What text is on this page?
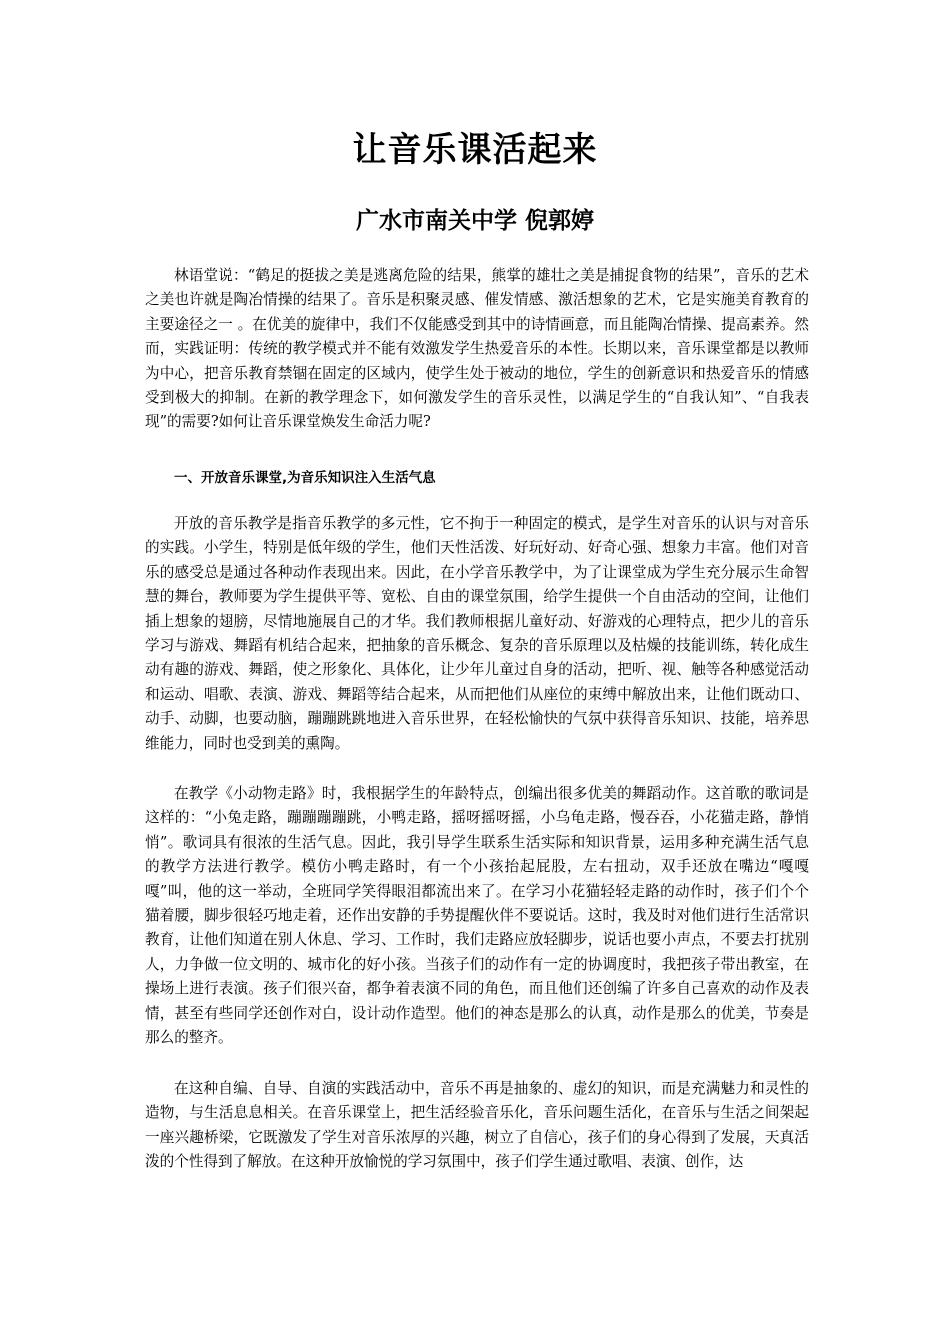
让音乐课活起来
广水市南关中学 倪郭婷

林语堂说：“鹤足的挺拔之美是逃离危险的结果，熊掌的雄壮之美是捕捉食物的结果”，音乐的艺术之美也许就是陶冶情操的结果了。音乐是积聚灵感、催发情感、激活想象的艺术，它是实施美育教育的主要途径之一 。在优美的旋律中，我们不仅能感受到其中的诗情画意，而且能陶冶情操、提高素养。然而，实践证明：传统的教学模式并不能有效激发学生热爱音乐的本性。长期以来，音乐课堂都是以教师为中心，把音乐教育禁锢在固定的区域内，使学生处于被动的地位，学生的创新意识和热爱音乐的情感受到极大的抑制。在新的教学理念下，如何激发学生的音乐灵性，以满足学生的“自我认知”、“自我表现”的需要?如何让音乐课堂焕发生命活力呢?

一、开放音乐课堂,为音乐知识注入生活气息

开放的音乐教学是指音乐教学的多元性，它不拘于一种固定的模式，是学生对音乐的认识与对音乐的实践。小学生，特别是低年级的学生，他们天性活泼、好玩好动、好奇心强、想象力丰富。他们对音乐的感受总是通过各种动作表现出来。因此，在小学音乐教学中，为了让课堂成为学生充分展示生命智慧的舞台，教师要为学生提供平等、宽松、自由的课堂氛围，给学生提供一个自由活动的空间，让他们插上想象的翅膀，尽情地施展自己的才华。我们教师根据儿童好动、好游戏的心理特点，把少儿的音乐学习与游戏、舞蹈有机结合起来，把抽象的音乐概念、复杂的音乐原理以及枯燥的技能训练，转化成生动有趣的游戏、舞蹈，使之形象化、具体化，让少年儿童过自身的活动，把听、视、触等各种感觉活动和运动、唱歌、表演、游戏、舞蹈等结合起来，从而把他们从座位的束缚中解放出来，让他们既动口、动手、动脚，也要动脑，蹦蹦跳跳地进入音乐世界，在轻松愉快的气氛中获得音乐知识、技能，培养思维能力，同时也受到美的熏陶。

在教学《小动物走路》时，我根据学生的年龄特点，创编出很多优美的舞蹈动作。这首歌的歌词是这样的：“小兔走路，蹦蹦蹦蹦跳，小鸭走路，摇呀摇呀摇，小乌龟走路，慢吞吞，小花猫走路，静悄悄”。歌词具有很浓的生活气息。因此，我引导学生联系生活实际和知识背景，运用多种充满生活气息的教学方法进行教学。模仿小鸭走路时，有一个小孩抬起屁股，左右扭动，双手还放在嘴边“嘎嘎嘎”叫，他的这一举动，全班同学笑得眼泪都流出来了。在学习小花猫轻轻走路的动作时，孩子们个个猫着腰，脚步很轻巧地走着，还作出安静的手势提醒伙伴不要说话。这时，我及时对他们进行生活常识教育，让他们知道在别人休息、学习、工作时，我们走路应放轻脚步，说话也要小声点，不要去打扰别人，力争做一位文明的、城市化的好小孩。当孩子们的动作有一定的协调度时，我把孩子带出教室，在操场上进行表演。孩子们很兴奋，都争着表演不同的角色，而且他们还创编了许多自己喜欢的动作及表情，甚至有些同学还创作对白，设计动作造型。他们的神态是那么的认真，动作是那么的优美，节奏是那么的整齐。

在这种自编、自导、自演的实践活动中，音乐不再是抽象的、虚幻的知识，而是充满魅力和灵性的造物，与生活息息相关。在音乐课堂上，把生活经验音乐化，音乐问题生活化，在音乐与生活之间架起一座兴趣桥梁，它既激发了学生对音乐浓厚的兴趣，树立了自信心，孩子们的身心得到了发展，天真活泼的个性得到了解放。在这种开放愉悦的学习氛围中，孩子们学生通过歌唱、表演、创作，达
